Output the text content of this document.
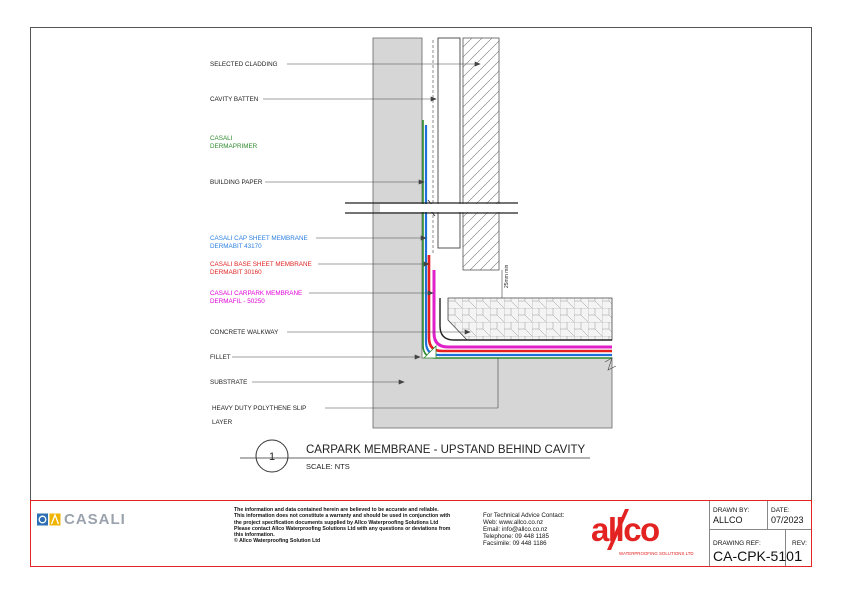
25mm min
SELECTED CLADDING
CAVITY BATTEN
CASALI
DERMAPRIMER
BUILDING PAPER
CASALI CAP SHEET MEMBRANE
DERMABIT 43170
CASALI BASE SHEET MEMBRANE
DERMABIT 30160
CASALI CARPARK MEMBRANE
DERMAFIL - 50250
CONCRETE WALKWAY
FILLET
SUBSTRATE
HEAVY DUTY POLYTHENE SLIP
LAYER
1
CARPARK MEMBRANE - UPSTAND BEHIND CAVITY
SCALE: NTS
CASALI
The information and data contained herein are believed to be accurate and reliable.
This information does not constitute a warranty and should be used in conjunction with
the project specification documents supplied by Allco Waterproofing Solutions Ltd
Please contact Allco Waterproofing Solutions Ltd with any questions or deviations from
this information.
© Allco Waterproofing Solution Ltd
For Technical Advice Contact:
Web: www.allco.co.nz
Email: info@allco.co.nz
Telephone: 09 448 1185
Facsimile: 09 448 1186	allco
WATERPROOFING SOLUTIONS LTD
DRAWN BY:
ALLCO
DATE:
07/2023
DRAWING REF:
CA-CPK-510
REV:
1
